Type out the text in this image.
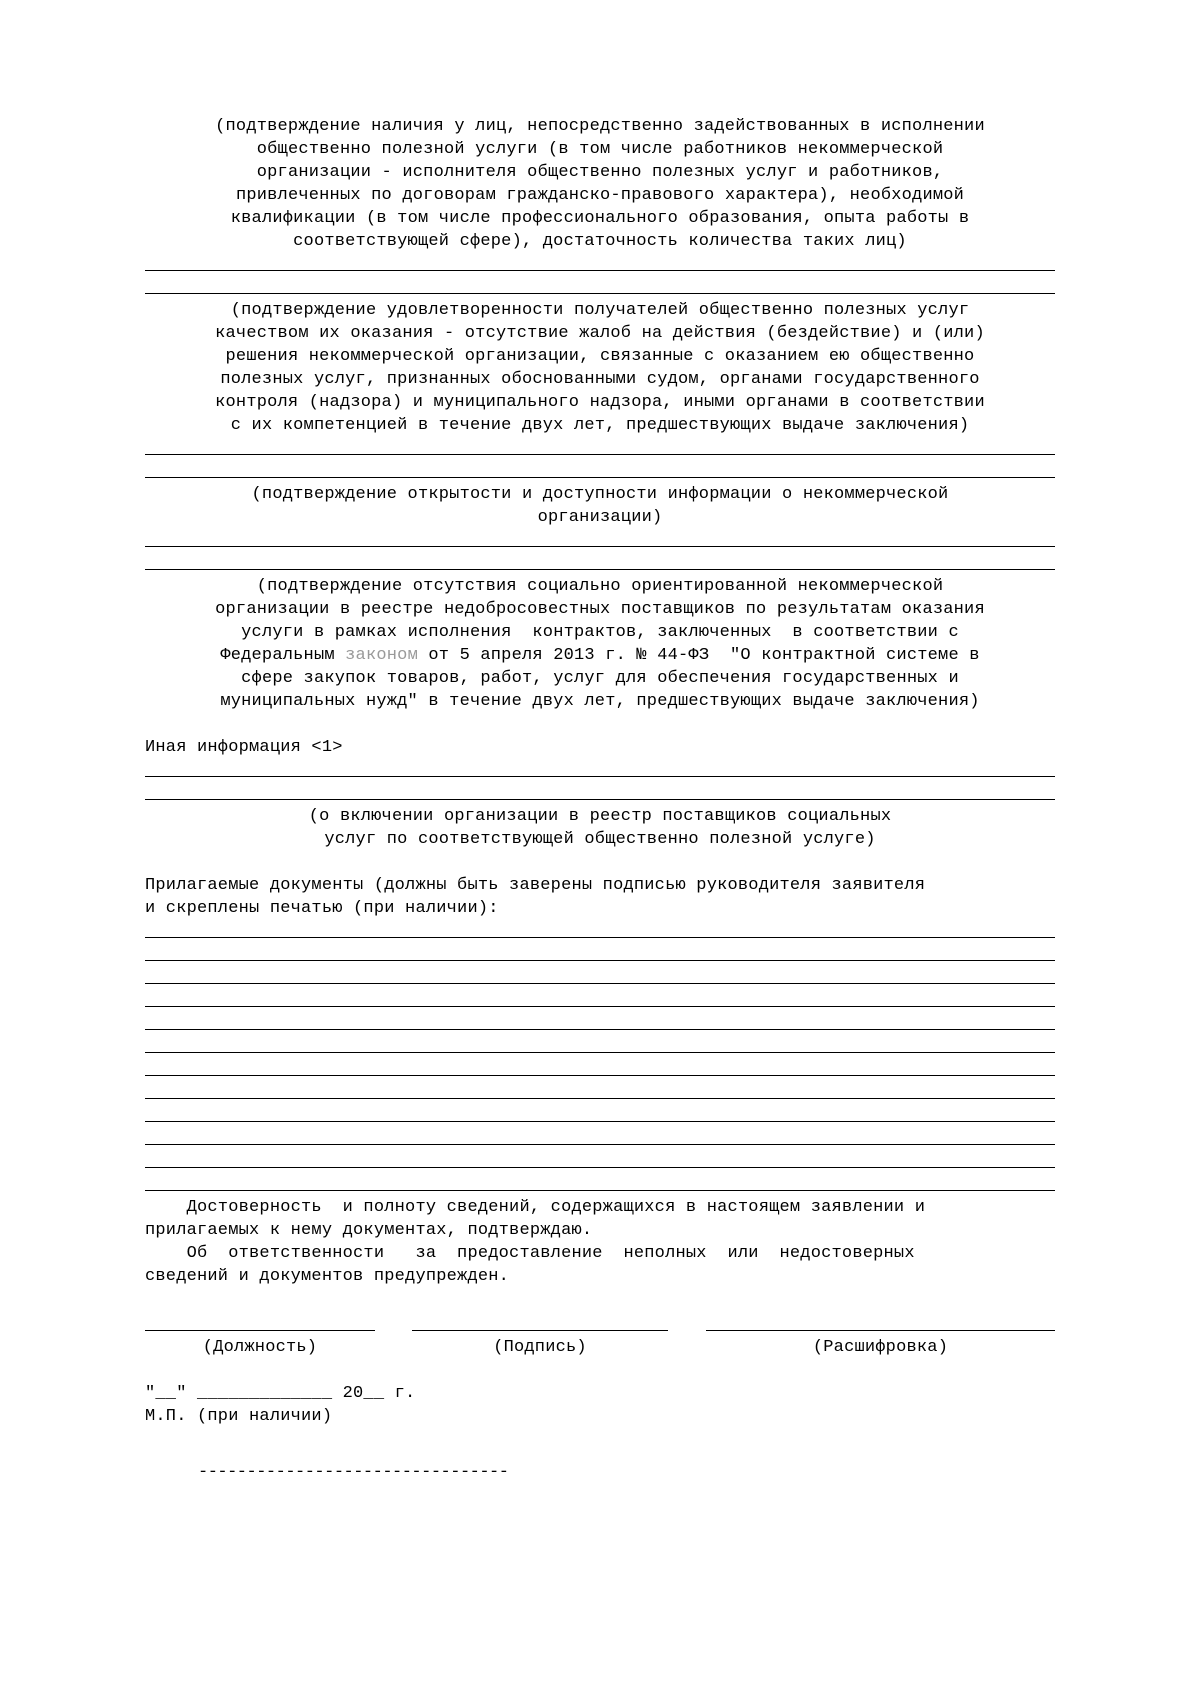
(подтверждение наличия у лиц, непосредственно задействованных в исполнении
общественно полезной услуги (в том числе работников некоммерческой
организации - исполнителя общественно полезных услуг и работников,
привлеченных по договорам гражданско-правового характера), необходимой
квалификации (в том числе профессионального образования, опыта работы в
соответствующей сфере), достаточность количества таких лиц)
(подтверждение удовлетворенности получателей общественно полезных услуг
качеством их оказания - отсутствие жалоб на действия (бездействие) и (или)
решения некоммерческой организации, связанные с оказанием ею общественно
полезных услуг, признанных обоснованными судом, органами государственного
контроля (надзора) и муниципального надзора, иными органами в соответствии
с их компетенцией в течение двух лет, предшествующих выдаче заключения)
(подтверждение открытости и доступности информации о некоммерческой
организации)
(подтверждение отсутствия социально ориентированной некоммерческой
организации в реестре недобросовестных поставщиков по результатам оказания
услуги в рамках исполнения  контрактов, заключенных  в соответствии с
Федеральным законом от 5 апреля 2013 г. № 44-ФЗ  "О контрактной системе в
сфере закупок товаров, работ, услуг для обеспечения государственных и
муниципальных нужд" в течение двух лет, предшествующих выдаче заключения)
Иная информация <1>
(о включении организации в реестр поставщиков социальных
услуг по соответствующей общественно полезной услуге)
Прилагаемые документы (должны быть заверены подписью руководителя заявителя
и скреплены печатью (при наличии):
Достоверность  и полноту сведений, содержащихся в настоящем заявлении и
прилагаемых к нему документах, подтверждаю.
Об  ответственности   за  предоставление  неполных  или  недостоверных
сведений и документов предупрежден.
(Должность)	(Подпись)	(Расшифровка)
"__" _____________ 20__ г.
М.П. (при наличии)
--------------------------------
